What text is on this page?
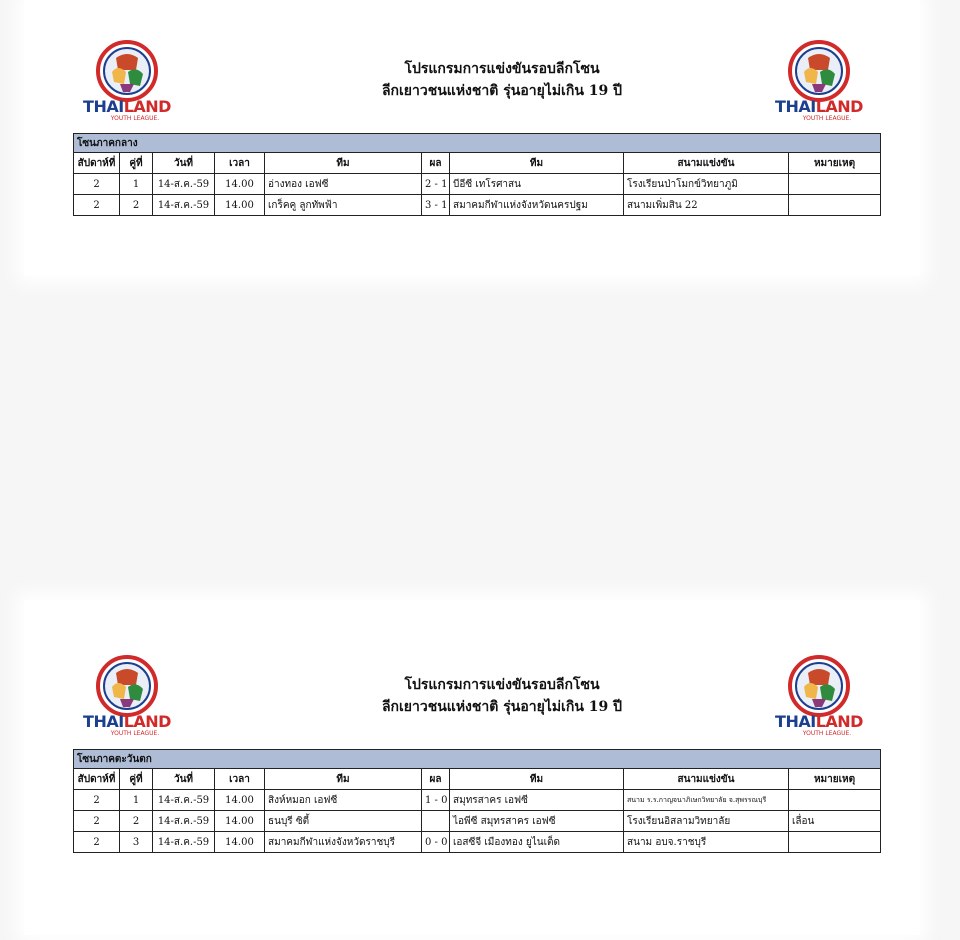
THAILAND
YOUTH LEAGUE.
THAILAND
YOUTH LEAGUE.
โปรแกรมการแข่งขันรอบลีกโซน
ลีกเยาวชนแห่งชาติ รุ่นอายุไม่เกิน 19 ปี
โซนภาคกลาง								
สัปดาห์ที่	คู่ที่	วันที่	เวลา	ทีม	ผล	ทีม	สนามแข่งขัน	หมายเหตุ
2	1	14-ส.ค.-59	14.00	อ่างทอง เอฟซี	2 - 1	บีอีซี เทโรศาสน	โรงเรียนป่าโมกข์วิทยาภูมิ	
2	2	14-ส.ค.-59	14.00	เกร็คคู ลูกทัพฟ้า	3 - 1	สมาคมกีฬาแห่งจังหวัดนครปฐม	สนามเพิ่มสิน 22	
THAILAND
YOUTH LEAGUE.
THAILAND
YOUTH LEAGUE.
โปรแกรมการแข่งขันรอบลีกโซน
ลีกเยาวชนแห่งชาติ รุ่นอายุไม่เกิน 19 ปี
โซนภาคตะวันตก								
สัปดาห์ที่	คู่ที่	วันที่	เวลา	ทีม	ผล	ทีม	สนามแข่งขัน	หมายเหตุ
2	1	14-ส.ค.-59	14.00	สิงห์หมอก เอฟซี	1 - 0	สมุทรสาคร เอฟซี	สนาม ร.ร.กาญจนาภิเษกวิทยาลัย จ.สุพรรณบุรี	
2	2	14-ส.ค.-59	14.00	ธนบุรี ซิตี้		ไอพีซี สมุทรสาคร เอฟซี	โรงเรียนอิสลามวิทยาลัย	เลื่อน
2	3	14-ส.ค.-59	14.00	สมาคมกีฬาแห่งจังหวัดราชบุรี	0 - 0	เอสซีจี เมืองทอง ยูไนเต็ด	สนาม อบจ.ราชบุรี	
